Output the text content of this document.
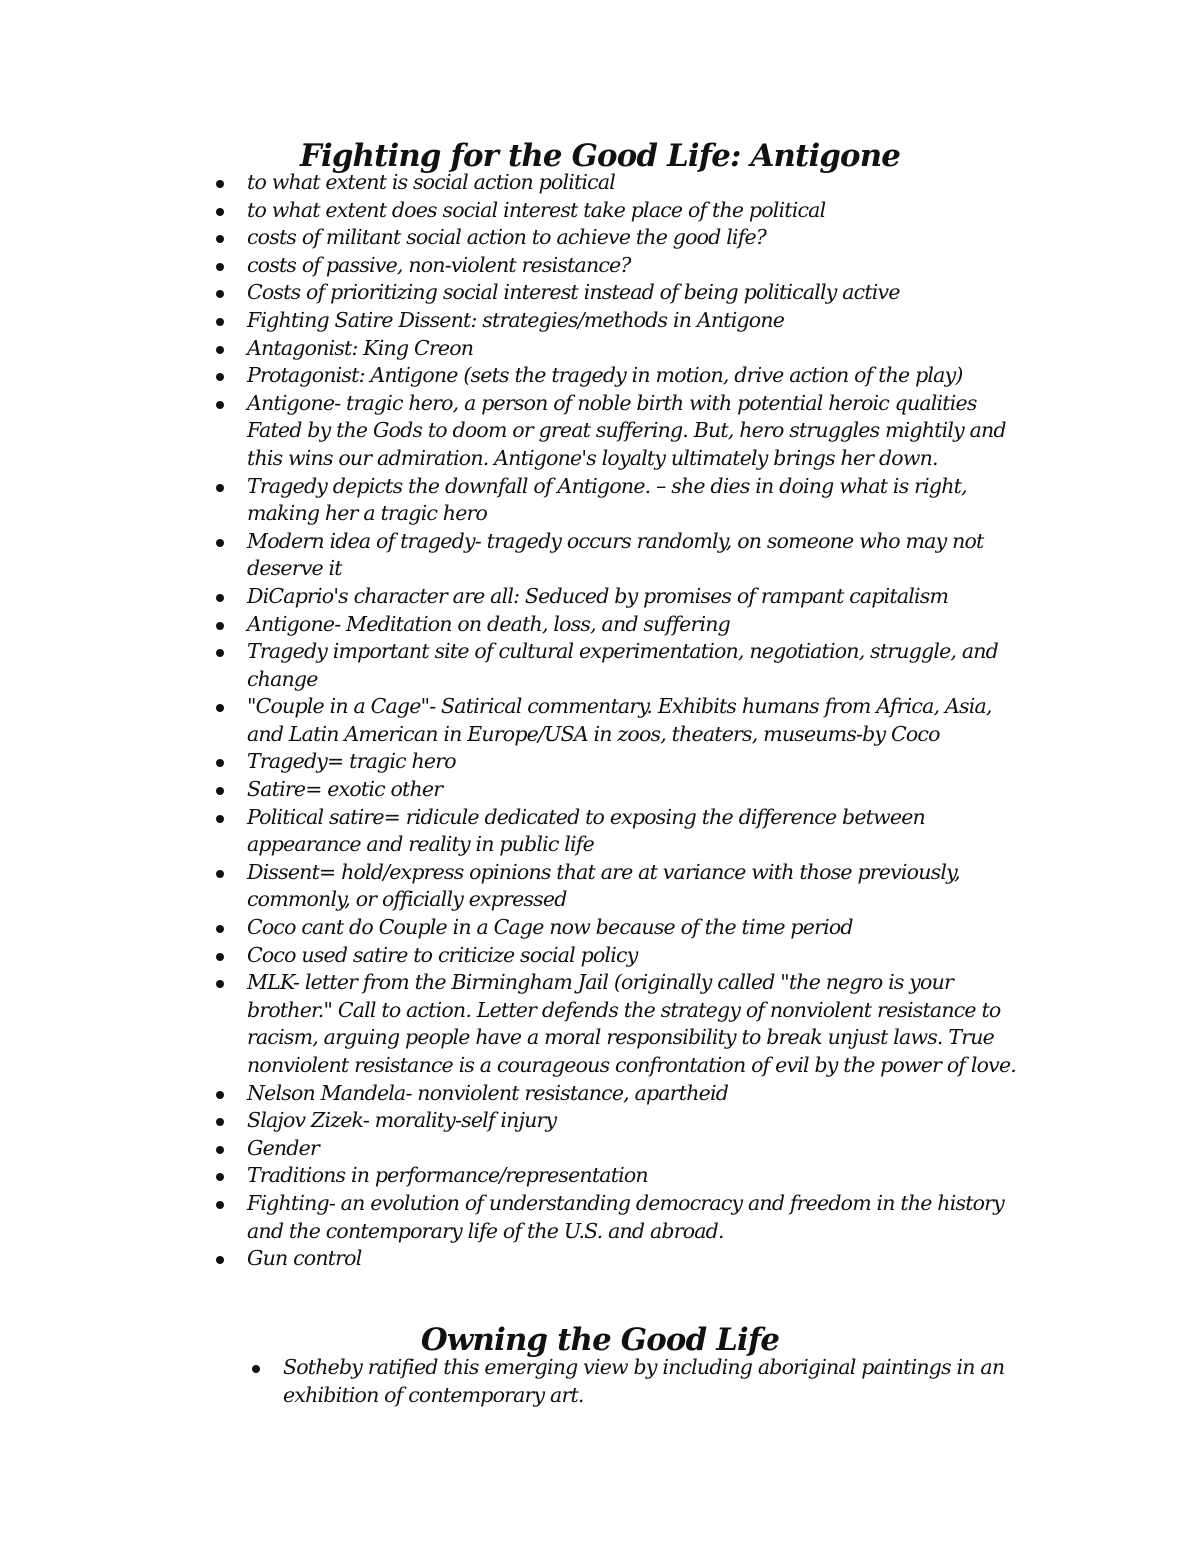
Fighting for the Good Life: Antigone
to what extent is social action political
to what extent does social interest take place of the political
costs of militant social action to achieve the good life?
costs of passive, non-violent resistance?
Costs of prioritizing social interest instead of being politically active
Fighting Satire Dissent: strategies/methods in Antigone
Antagonist: King Creon
Protagonist: Antigone (sets the tragedy in motion, drive action of the play)
Antigone- tragic hero, a person of noble birth with potential heroic qualities Fated by the Gods to doom or great suffering. But, hero struggles mightily and this wins our admiration. Antigone's loyalty ultimately brings her down.
Tragedy depicts the downfall of Antigone. – she dies in doing what is right, making her a tragic hero
Modern idea of tragedy- tragedy occurs randomly, on someone who may not deserve it
DiCaprio's character are all: Seduced by promises of rampant capitalism
Antigone- Meditation on death, loss, and suffering
Tragedy important site of cultural experimentation, negotiation, struggle, and change
"Couple in a Cage"- Satirical commentary. Exhibits humans from Africa, Asia, and Latin American in Europe/USA in zoos, theaters, museums-by Coco
Tragedy= tragic hero
Satire= exotic other
Political satire= ridicule dedicated to exposing the difference between appearance and reality in public life
Dissent= hold/express opinions that are at variance with those previously, commonly, or officially expressed
Coco cant do Couple in a Cage now because of the time period
Coco used satire to criticize social policy
MLK- letter from the Birmingham Jail (originally called "the negro is your brother." Call to action. Letter defends the strategy of nonviolent resistance to racism, arguing people have a moral responsibility to break unjust laws. True nonviolent resistance is a courageous confrontation of evil by the power of love.
Nelson Mandela- nonviolent resistance, apartheid
Slajov Zizek- morality-self injury
Gender
Traditions in performance/representation
Fighting- an evolution of understanding democracy and freedom in the history and the contemporary life of the U.S. and abroad.
Gun control
Owning the Good Life
Sotheby ratified this emerging view by including aboriginal paintings in an exhibition of contemporary art.
